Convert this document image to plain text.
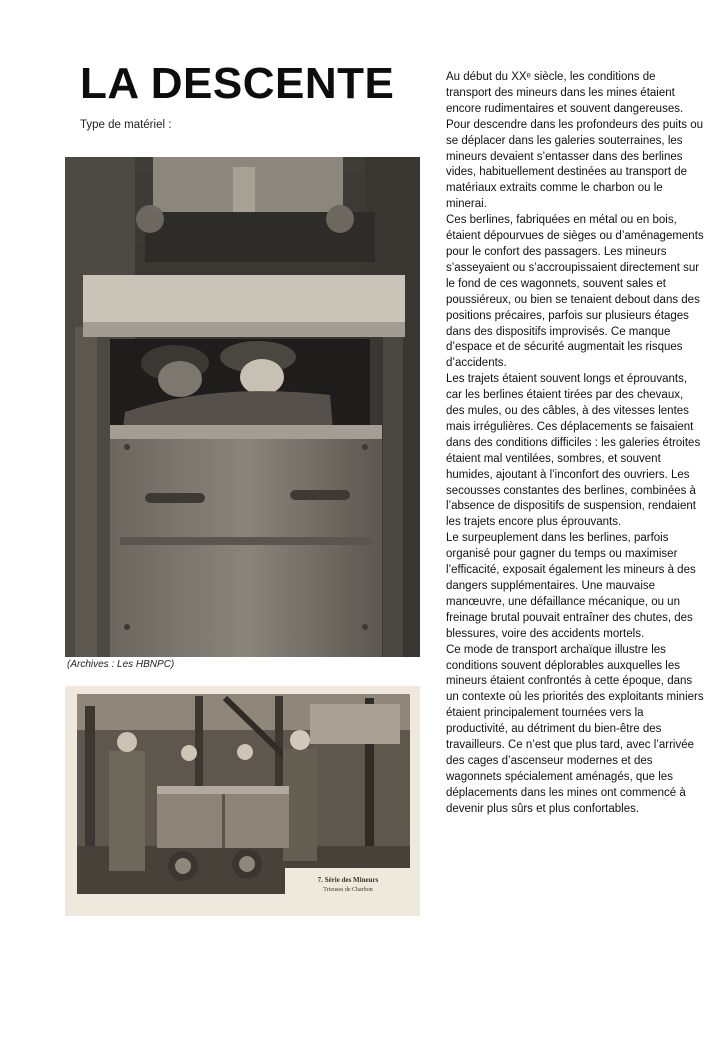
LA DESCENTE
Type de matériel :
(Archives : Les HBNPC)
7. Série des Mineurs
Trieuses de Charbon

Au début du XXᵉ siècle, les conditions de transport des mineurs dans les mines étaient encore rudimentaires et souvent dangereuses. Pour descendre dans les profondeurs des puits ou se déplacer dans les galeries souterraines, les mineurs devaient s’entasser dans des berlines vides, habituellement destinées au transport de matériaux extraits comme le charbon ou le minerai.

Ces berlines, fabriquées en métal ou en bois, étaient dépourvues de sièges ou d’aménagements pour le confort des passagers. Les mineurs s’asseyaient ou s’accroupissaient directement sur le fond de ces wagonnets, souvent sales et poussiéreux, ou bien se tenaient debout dans des positions précaires, parfois sur plusieurs étages dans des dispositifs improvisés. Ce manque d’espace et de sécurité augmentait les risques d’accidents.

Les trajets étaient souvent longs et éprouvants, car les berlines étaient tirées par des chevaux, des mules, ou des câbles, à des vitesses lentes mais irrégulières. Ces déplacements se faisaient dans des conditions difficiles : les galeries étroites étaient mal ventilées, sombres, et souvent humides, ajoutant à l’inconfort des ouvriers. Les secousses constantes des berlines, combinées à l’absence de dispositifs de suspension, rendaient les trajets encore plus éprouvants.

Le surpeuplement dans les berlines, parfois organisé pour gagner du temps ou maximiser l’efficacité, exposait également les mineurs à des dangers supplémentaires. Une mauvaise manœuvre, une défaillance mécanique, ou un freinage brutal pouvait entraîner des chutes, des blessures, voire des accidents mortels.

Ce mode de transport archaïque illustre les conditions souvent déplorables auxquelles les mineurs étaient confrontés à cette époque, dans un contexte où les priorités des exploitants miniers étaient principalement tournées vers la productivité, au détriment du bien-être des travailleurs. Ce n’est que plus tard, avec l’arrivée des cages d’ascenseur modernes et des wagonnets spécialement aménagés, que les déplacements dans les mines ont commencé à devenir plus sûrs et plus confortables.
